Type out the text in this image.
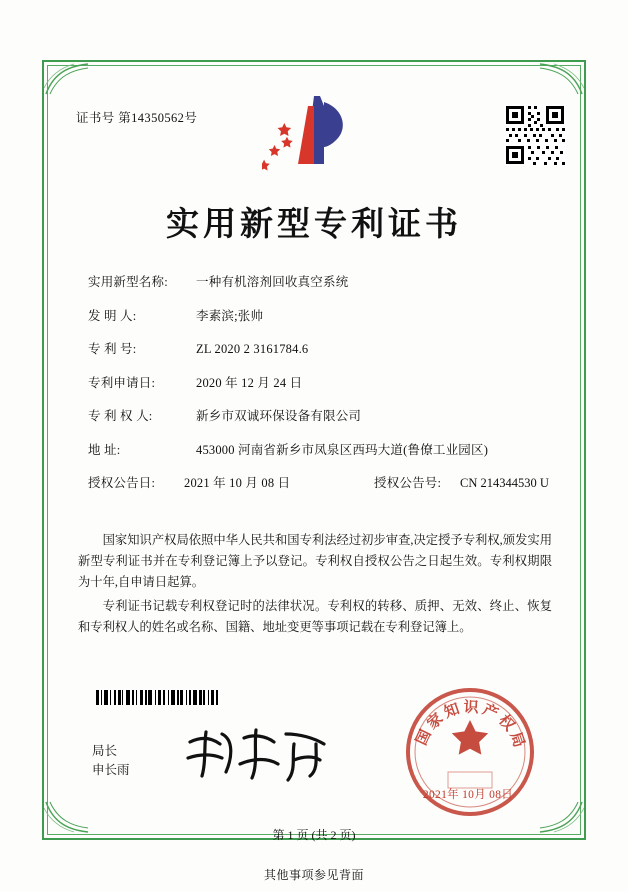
证书号 第14350562号
实用新型专利证书
实用新型名称:	一种有机溶剂回收真空系统
发 明 人:	李素滨;张帅
专 利 号:	ZL 2020 2 3161784.6
专利申请日:	2020 年 12 月 24 日
专 利 权 人:	新乡市双诚环保设备有限公司
地 址:	453000 河南省新乡市凤泉区西玛大道(鲁僚工业园区)
授权公告日:	2021 年 10 月 08 日	授权公告号:	CN 214344530 U

国家知识产权局依照中华人民共和国专利法经过初步审查,决定授予专利权,颁发实用新型专利证书并在专利登记簿上予以登记。专利权自授权公告之日起生效。专利权期限为十年,自申请日起算。

专利证书记载专利权登记时的法律状况。专利权的转移、质押、无效、终止、恢复和专利权人的姓名或名称、国籍、地址变更等事项记载在专利登记簿上。

国家知识产权局
2021年 10月 08日
局长
申长雨
第 1 页 (共 2 页)
其他事项参见背面
